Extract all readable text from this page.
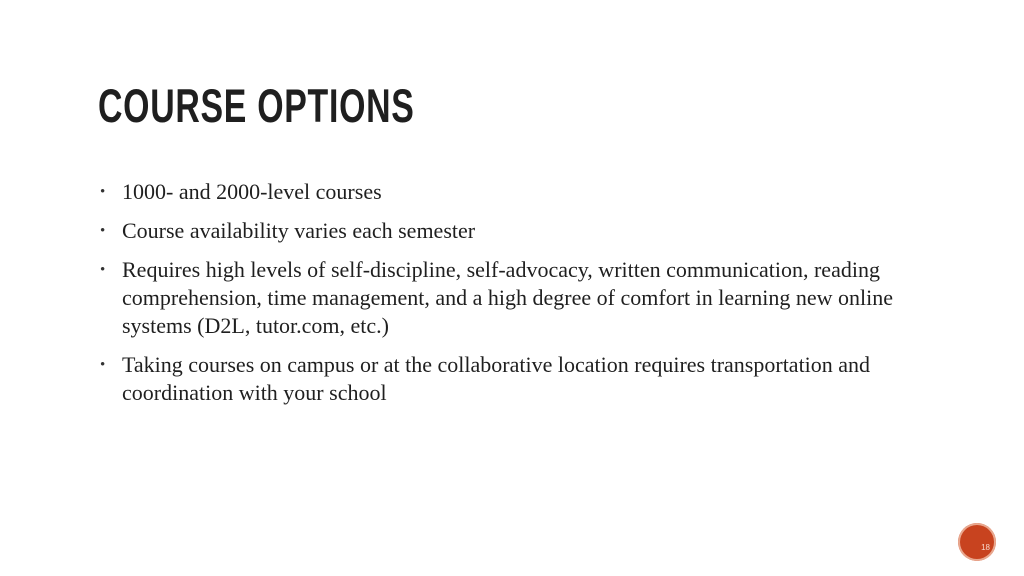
COURSE OPTIONS
• 1000- and 2000-level courses
• Course availability varies each semester
• Requires high levels of self-discipline, self-advocacy, written communication, reading comprehension, time management, and a high degree of comfort in learning new online systems (D2L, tutor.com, etc.)
• Taking courses on campus or at the collaborative location requires transportation and coordination with your school
18
